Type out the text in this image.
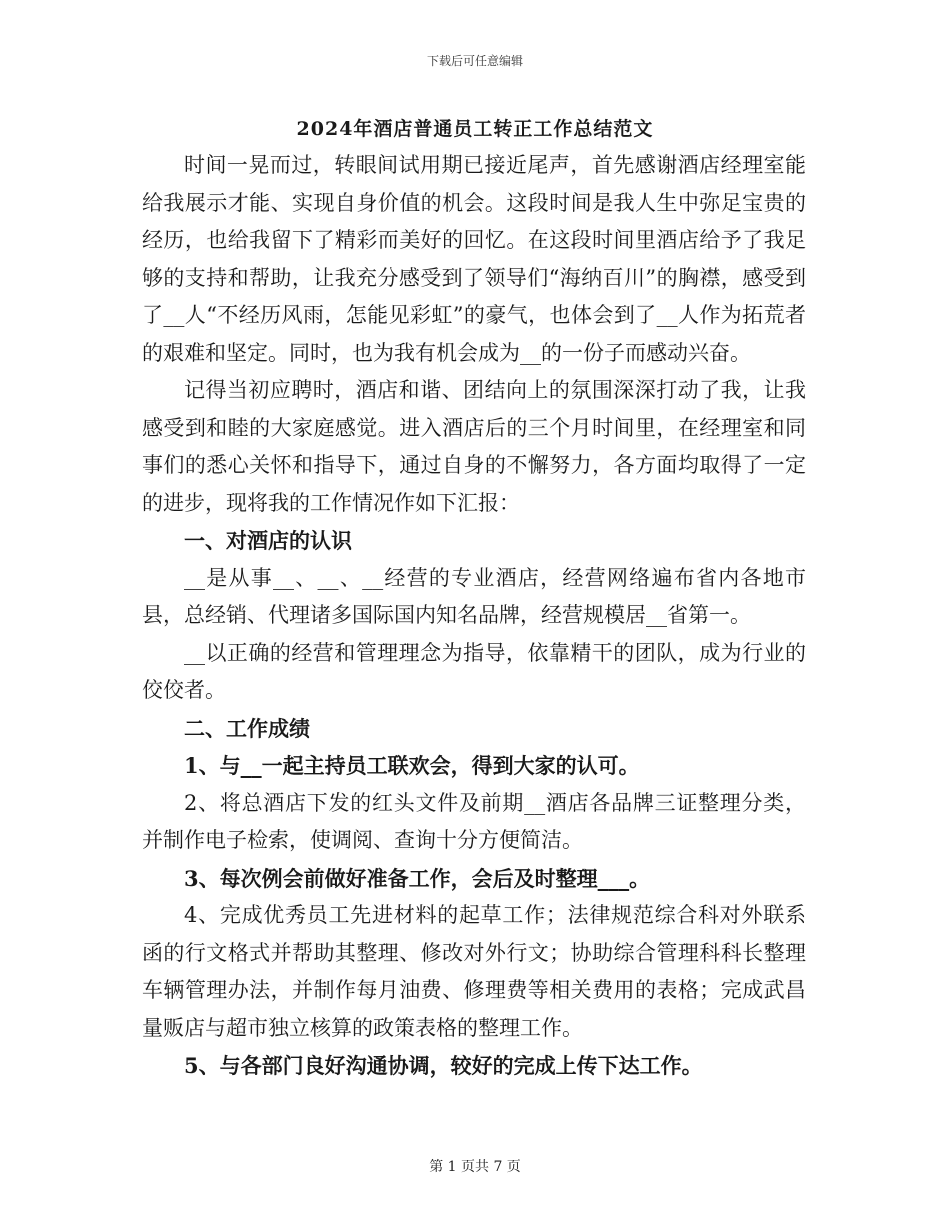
下载后可任意编辑
2024年酒店普通员工转正工作总结范文

时间一晃而过，转眼间试用期已接近尾声，首先感谢酒店经理室能给我展示才能、实现自身价值的机会。这段时间是我人生中弥足宝贵的经历，也给我留下了精彩而美好的回忆。在这段时间里酒店给予了我足够的支持和帮助，让我充分感受到了领导们“海纳百川”的胸襟，感受到了__人“不经历风雨，怎能见彩虹”的豪气，也体会到了__人作为拓荒者的艰难和坚定。同时，也为我有机会成为__的一份子而感动兴奋。

记得当初应聘时，酒店和谐、团结向上的氛围深深打动了我，让我感受到和睦的大家庭感觉。进入酒店后的三个月时间里，在经理室和同事们的悉心关怀和指导下，通过自身的不懈努力，各方面均取得了一定的进步，现将我的工作情况作如下汇报：

一、对酒店的认识

__是从事__、__、__经营的专业酒店，经营网络遍布省内各地市县，总经销、代理诸多国际国内知名品牌，经营规模居__省第一。

__以正确的经营和管理理念为指导，依靠精干的团队，成为行业的佼佼者。

二、工作成绩

1、与__一起主持员工联欢会，得到大家的认可。

2、将总酒店下发的红头文件及前期__酒店各品牌三证整理分类，并制作电子检索，使调阅、查询十分方便简洁。

3、每次例会前做好准备工作，会后及时整理___。

4、完成优秀员工先进材料的起草工作；法律规范综合科对外联系函的行文格式并帮助其整理、修改对外行文；协助综合管理科科长整理车辆管理办法，并制作每月油费、修理费等相关费用的表格；完成武昌量贩店与超市独立核算的政策表格的整理工作。

5、与各部门良好沟通协调，较好的完成上传下达工作。

第 1 页共 7 页
